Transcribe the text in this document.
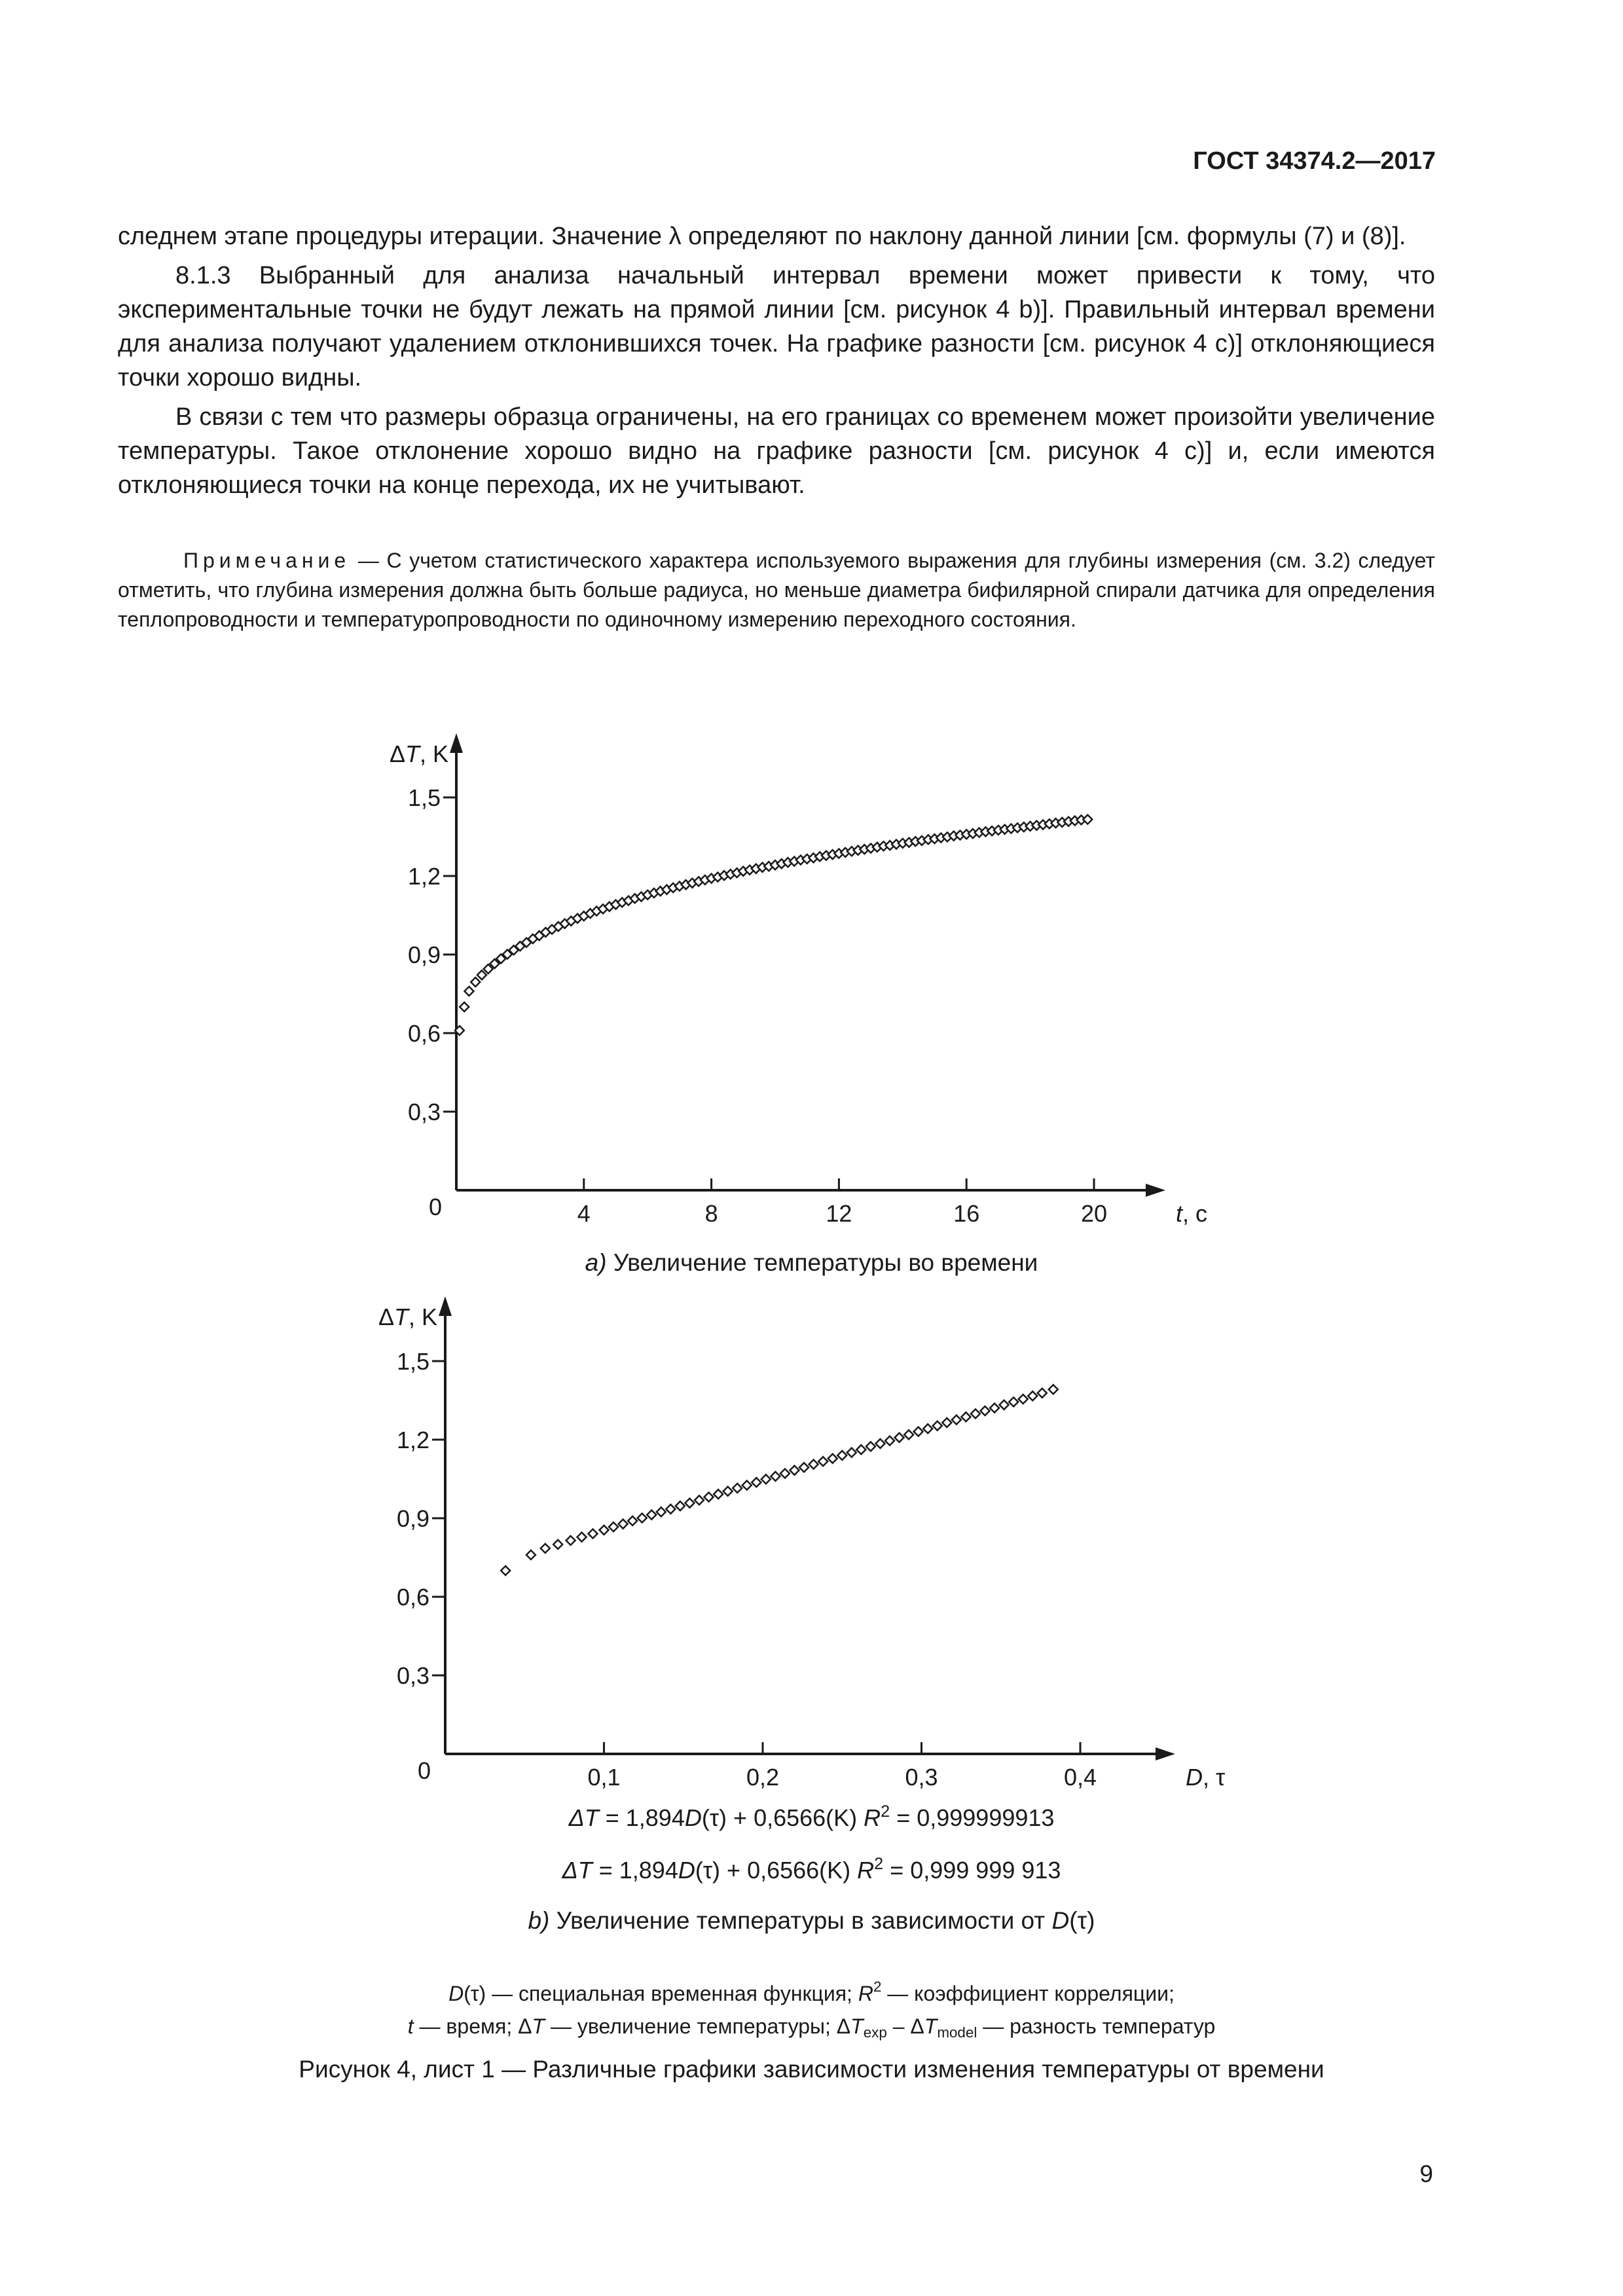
ГОСТ 34374.2—2017

следнем этапе процедуры итерации. Значение λ определяют по наклону данной линии [см. формулы (7) и (8)].

8.1.3 Выбранный для анализа начальный интервал времени может привести к тому, что экспериментальные точки не будут лежать на прямой линии [см. рисунок 4 b)]. Правильный интервал времени для анализа получают удалением отклонившихся точек. На графике разности [см. рисунок 4 c)] отклоняющиеся точки хорошо видны.

В связи с тем что размеры образца ограничены, на его границах со временем может произойти увеличение температуры. Такое отклонение хорошо видно на графике разности [см. рисунок 4 c)] и, если имеются отклоняющиеся точки на конце перехода, их не учитывают.

Примечание — С учетом статистического характера используемого выражения для глубины измерения (см. 3.2) следует отметить, что глубина измерения должна быть больше радиуса, но меньше диаметра бифилярной спирали датчика для определения теплопроводности и температуропроводности по одиночному измерению переходного состояния.
0,3
0,6
0,9
1,2
1,5
4	8	12	16	20
0
ΔT, K
t, с
a) Увеличение температуры во времени
0,3
0,6
0,9
1,2
1,5
0,1	0,2	0,3	0,4
0
ΔT, K
D, τ
ΔT = 1,894D(τ) + 0,6566(K) $R^2 = 0,999999913$
ΔT = 1,894D(τ) + 0,6566(K) $R^2 = 0,999$ 999 913
b) Увеличение температуры в зависимости от D(τ)
D(τ) — специальная временная функция; $R^2$ — коэффициент корреляции;
t — время; ΔT — увеличение температуры; $\Delta T_{exp} - \Delta T_{model}$ — разность температур
Рисунок 4, лист 1 — Различные графики зависимости изменения температуры от времени
9
